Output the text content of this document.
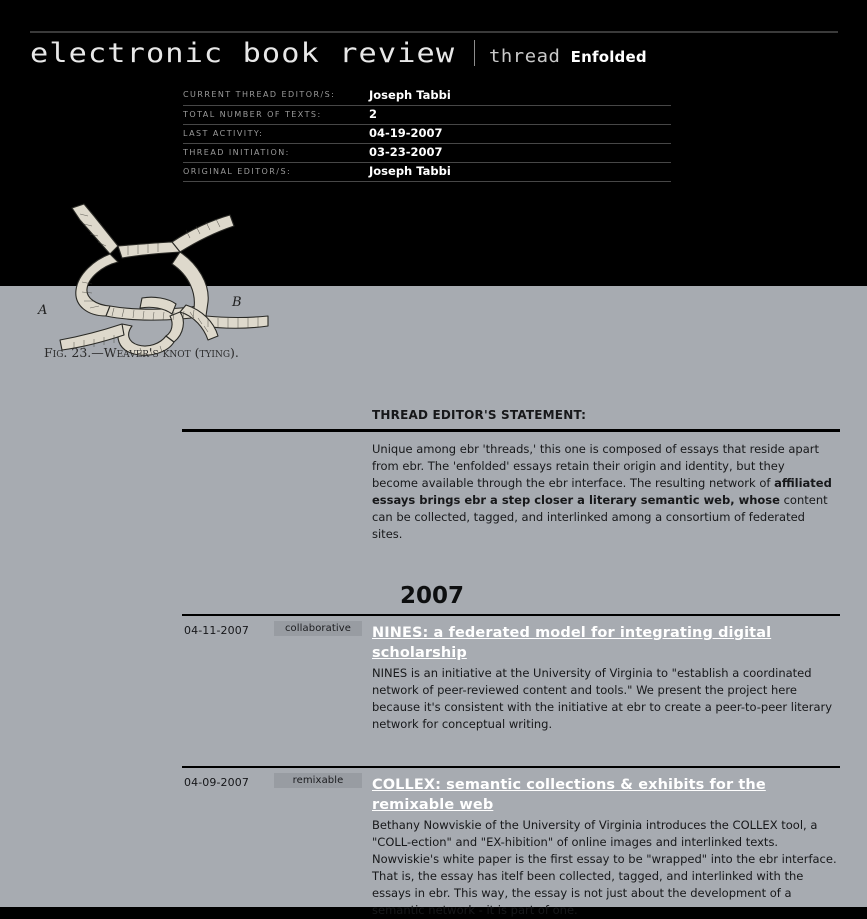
electronic book review thread Enfolded
CURRENT THREAD EDITOR/S:	Joseph Tabbi
TOTAL NUMBER OF TEXTS:	2
LAST ACTIVITY:	04-19-2007
THREAD INITIATION:	03-23-2007
ORIGINAL EDITOR/S:	Joseph Tabbi
A
B
Fig. 23.—Weaver's knot (tying).
THREAD EDITOR'S STATEMENT:
Unique among ebr 'threads,' this one is composed of essays that reside apart from ebr. The 'enfolded' essays retain their origin and identity, but they become available through the ebr interface. The resulting network of affiliated essays brings ebr a step closer a literary semantic web, whose content can be collected, tagged, and interlinked among a consortium of federated sites.
2007
04-11-2007	collaborative NINES: a federated model for integrating digital scholarship
NINES is an initiative at the University of Virginia to "establish a coordinated network of peer-reviewed content and tools." We present the project here because it's consistent with the initiative at ebr to create a peer-to-peer literary network for conceptual writing.
04-09-2007	remixable COLLEX: semantic collections & exhibits for the remixable web
Bethany Nowviskie of the University of Virginia introduces the COLLEX tool, a "COLL-ection" and "EX-hibition" of online images and interlinked texts. Nowviskie's white paper is the first essay to be "wrapped" into the ebr interface. That is, the essay has itelf been collected, tagged, and interlinked with the essays in ebr. This way, the essay is not just about the development of a semantic network - it is part of one.
